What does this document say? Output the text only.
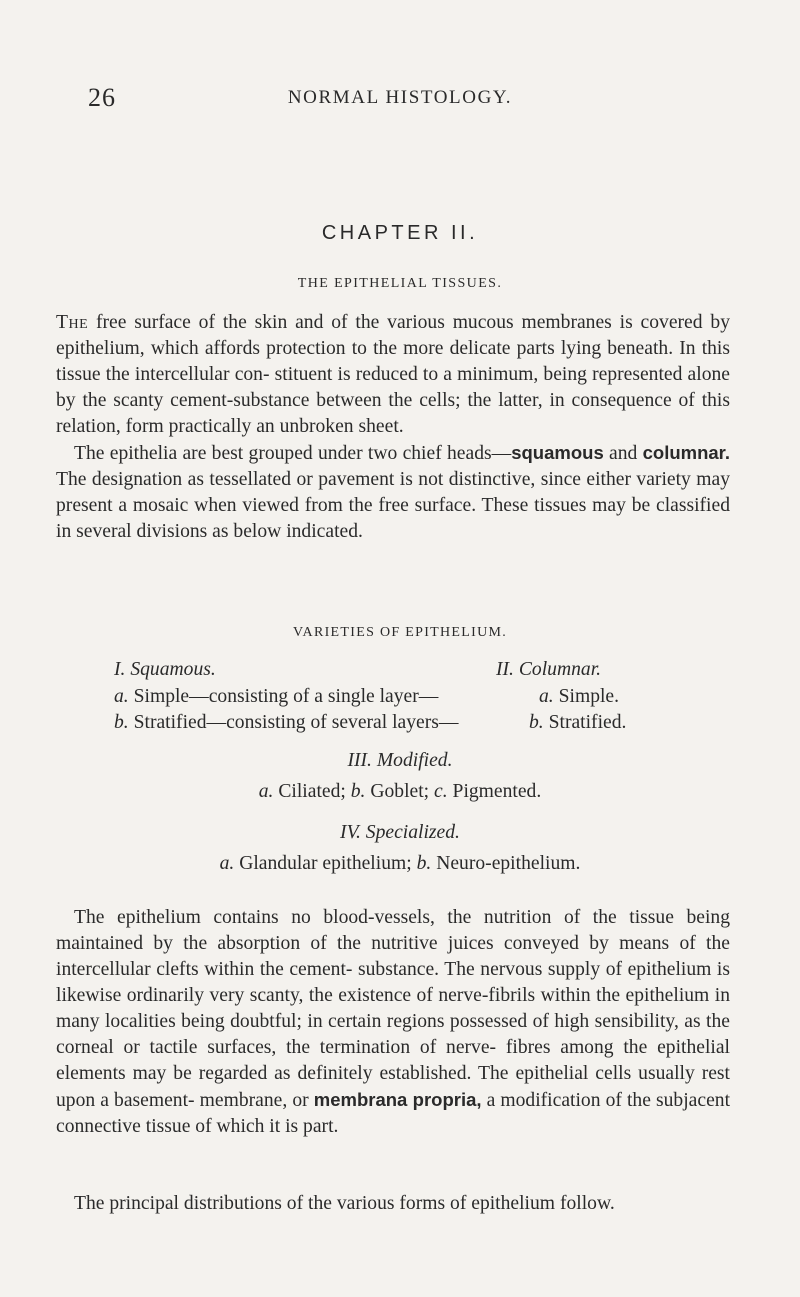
26	NORMAL HISTOLOGY.
CHAPTER II.
THE EPITHELIAL TISSUES.

The free surface of the skin and of the various mucous membranes is covered by epithelium, which affords protection to the more delicate parts lying beneath. In this tissue the intercellular con- stituent is reduced to a minimum, being represented alone by the scanty cement-substance between the cells; the latter, in consequence of this relation, form practically an unbroken sheet.

The epithelia are best grouped under two chief heads—squamous and columnar. The designation as tessellated or pavement is not distinctive, since either variety may present a mosaic when viewed from the free surface. These tissues may be classified in several divisions as below indicated.

VARIETIES OF EPITHELIUM.
I. Squamous.	II. Columnar.
a. Simple—consisting of a single layer—	a. Simple.
b. Stratified—consisting of several layers—	b. Stratified.
III. Modified.
a. Ciliated; b. Goblet; c. Pigmented.
IV. Specialized.
a. Glandular epithelium; b. Neuro-epithelium.

The epithelium contains no blood-vessels, the nutrition of the tissue being maintained by the absorption of the nutritive juices conveyed by means of the intercellular clefts within the cement- substance. The nervous supply of epithelium is likewise ordinarily very scanty, the existence of nerve-fibrils within the epithelium in many localities being doubtful; in certain regions possessed of high sensibility, as the corneal or tactile surfaces, the termination of nerve- fibres among the epithelial elements may be regarded as definitely established. The epithelial cells usually rest upon a basement- membrane, or membrana propria, a modification of the subjacent connective tissue of which it is part.

The principal distributions of the various forms of epithelium follow.
